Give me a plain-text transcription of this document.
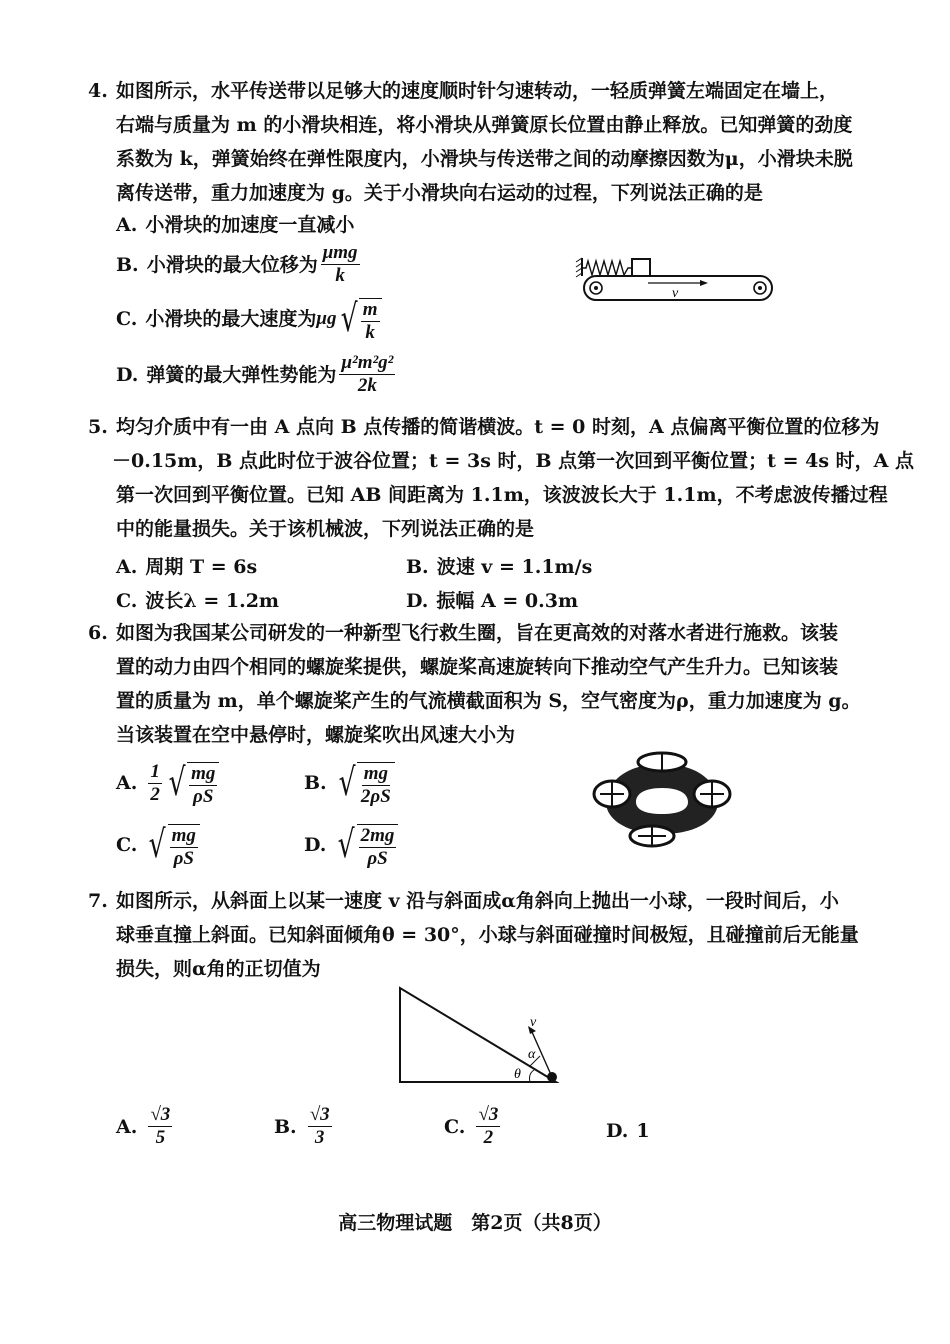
4. 如图所示，水平传送带以足够大的速度顺时针匀速转动，一轻质弹簧左端固定在墙上，
右端与质量为 m 的小滑块相连，将小滑块从弹簧原长位置由静止释放。已知弹簧的劲度
系数为 k，弹簧始终在弹性限度内，小滑块与传送带之间的动摩擦因数为μ，小滑块未脱
离传送带，重力加速度为 g。关于小滑块向右运动的过程，下列说法正确的是
A. 小滑块的加速度一直减小
B. 小滑块的最大位移为 $\frac{\text{μmg}}{k}$
C. 小滑块的最大速度为 μg √ $\frac{m}{k}$
D. 弹簧的最大弹性势能为 $\frac{\text{μ²m²g²}}{2k}$
v
5. 均匀介质中有一由 A 点向 B 点传播的简谐横波。t = 0 时刻，A 点偏离平衡位置的位移为
－0.15m，B 点此时位于波谷位置；t = 3s 时，B 点第一次回到平衡位置；t = 4s 时，A 点
第一次回到平衡位置。已知 AB 间距离为 1.1m，该波波长大于 1.1m，不考虑波传播过程
中的能量损失。关于该机械波，下列说法正确的是
A. 周期 T = 6s	B. 波速 v = 1.1m/s
C. 波长λ = 1.2m	D. 振幅 A = 0.3m
6. 如图为我国某公司研发的一种新型飞行救生圈，旨在更高效的对落水者进行施救。该装
置的动力由四个相同的螺旋桨提供，螺旋桨高速旋转向下推动空气产生升力。已知该装
置的质量为 m，单个螺旋桨产生的气流横截面积为 S，空气密度为ρ，重力加速度为 g。
当该装置在空中悬停时，螺旋桨吹出风速大小为
A. $\frac{1}{2}$ √ $\frac{mg}{\rho S}$	B. √ $\frac{mg}{2\rho S}$
C. √ $\frac{mg}{\rho S}$	D. √ $\frac{2mg}{\rho S}$
7. 如图所示，从斜面上以某一速度 v 沿与斜面成α角斜向上抛出一小球，一段时间后，小
球垂直撞上斜面。已知斜面倾角θ = 30°，小球与斜面碰撞时间极短，且碰撞前后无能量
损失，则α角的正切值为
v
α
θ
A. $\frac{√3}{5}$	B. $\frac{√3}{3}$	C. $\frac{√3}{2}$	D. 1
高三物理试题　第2页（共8页）
